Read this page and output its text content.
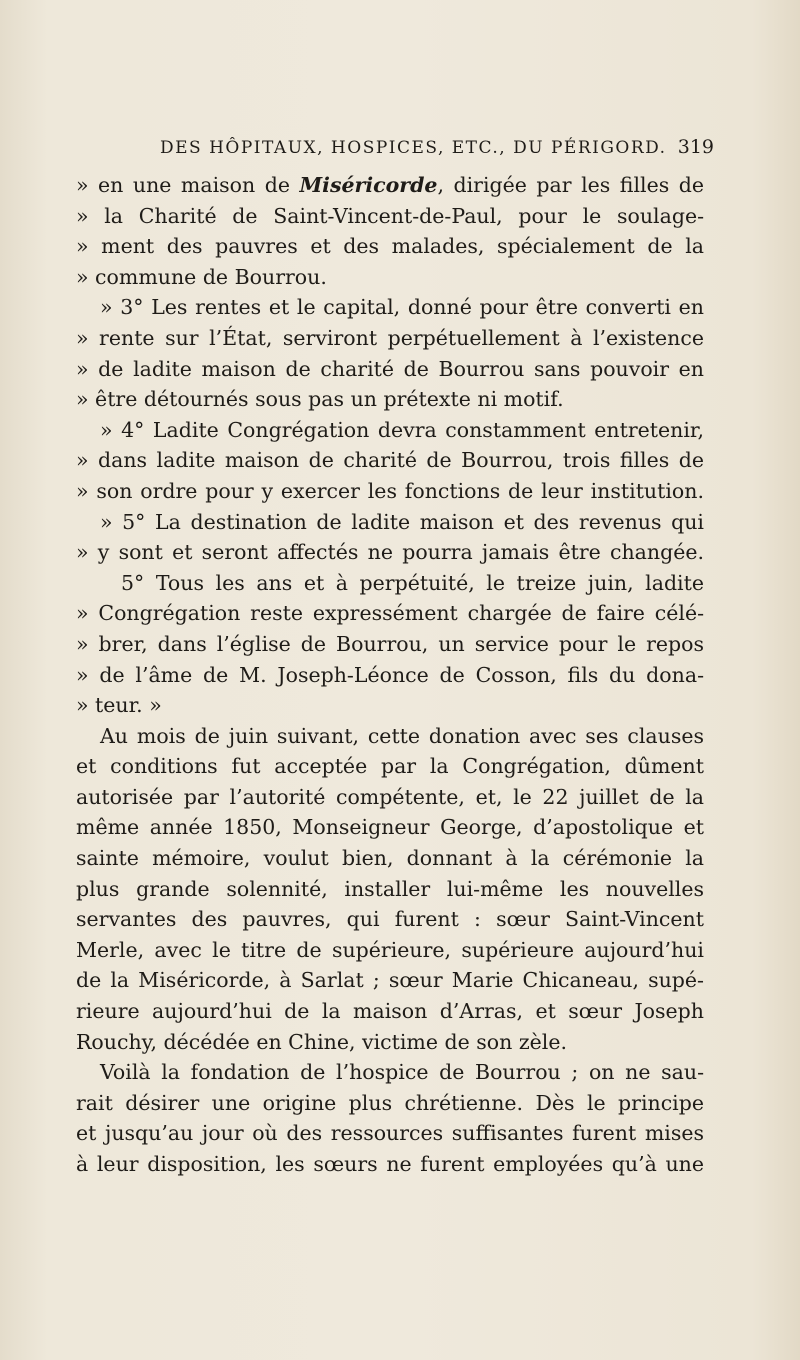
DES HÔPITAUX, HOSPICES, ETC., DU PÉRIGORD. 319
» en une maison de Miséricorde, dirigée par les filles de
» la Charité de Saint-Vincent-de-Paul, pour le soulage-
» ment des pauvres et des malades, spécialement de la
» commune de Bourrou.
» 3° Les rentes et le capital, donné pour être converti en
» rente sur l’État, serviront perpétuellement à l’existence
» de ladite maison de charité de Bourrou sans pouvoir en
» être détournés sous pas un prétexte ni motif.
» 4° Ladite Congrégation devra constamment entretenir,
» dans ladite maison de charité de Bourrou, trois filles de
» son ordre pour y exercer les fonctions de leur institution.
» 5° La destination de ladite maison et des revenus qui
» y sont et seront affectés ne pourra jamais être changée.
5° Tous les ans et à perpétuité, le treize juin, ladite
» Congrégation reste expressément chargée de faire célé-
» brer, dans l’église de Bourrou, un service pour le repos
» de l’âme de M. Joseph-Léonce de Cosson, fils du dona-
» teur. »
Au mois de juin suivant, cette donation avec ses clauses
et conditions fut acceptée par la Congrégation, dûment
autorisée par l’autorité compétente, et, le 22 juillet de la
même année 1850, Monseigneur George, d’apostolique et
sainte mémoire, voulut bien, donnant à la cérémonie la
plus grande solennité, installer lui-même les nouvelles
servantes des pauvres, qui furent : sœur Saint-Vincent
Merle, avec le titre de supérieure, supérieure aujourd’hui
de la Miséricorde, à Sarlat ; sœur Marie Chicaneau, supé-
rieure aujourd’hui de la maison d’Arras, et sœur Joseph
Rouchy, décédée en Chine, victime de son zèle.
Voilà la fondation de l’hospice de Bourrou ; on ne sau-
rait désirer une origine plus chrétienne. Dès le principe
et jusqu’au jour où des ressources suffisantes furent mises
à leur disposition, les sœurs ne furent employées qu’à une
